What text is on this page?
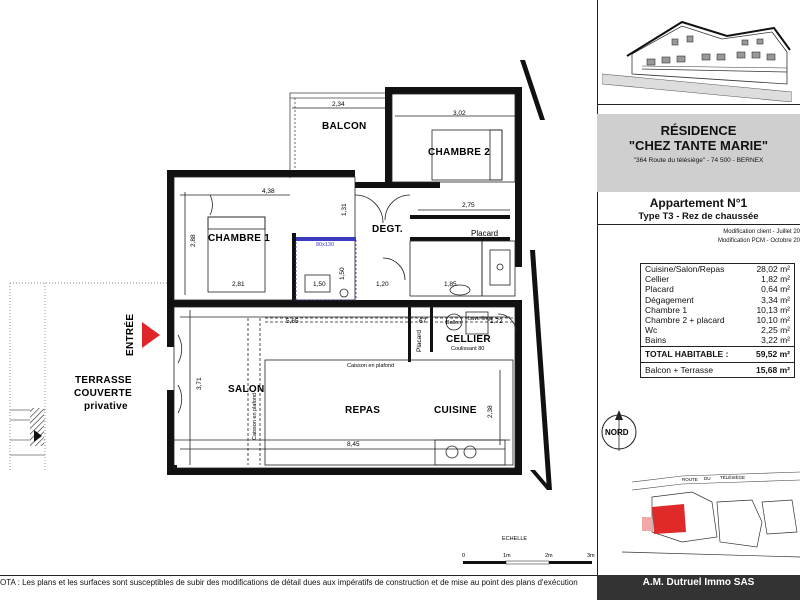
BALCON
CHAMBRE 2
CHAMBRE 1
DEGT.	Placard
CELLIER
SALON
REPAS	CUISINE
TERRASSE
COUVERTE
privative
ENTRÉE	Placard
2,34
3,02
4,38
2,75
2,88
2,81
1,31
1,50
1,50
1,20	1,85
80x130
5,65	67	1,72
3,71
2,38
8,45
Ballon
Lave linge
Coulissant 80
Caisson en plafond
Caisson en plafond
ECHELLE
0	1m	2m	3m
RÉSIDENCE
"CHEZ TANTE MARIE"
"364 Route du télésiège" - 74 500 - BERNEX
Appartement N°1
Type T3 - Rez de chaussée
Modification client - Juillet 20
Modification PCM - Octobre 20
Cuisine/Salon/Repas	28,02 m²
Cellier	1,82 m²
Placard	0,64 m²
Dégagement	3,34 m²
Chambre 1	10,13 m²
Chambre 2 + placard	10,10 m²
Wc	2,25 m²
Bains	3,22 m²
TOTAL HABITABLE :	59,52 m²
Balcon + Terrasse	15,68 m²
NORD
ROUTE DU TÉLÉSIÈGE
OTA : Les plans et les surfaces sont susceptibles de subir des modifications de détail dues aux impératifs de construction et de mise au point des plans d'exécution	A.M. Dutruel Immo SAS
